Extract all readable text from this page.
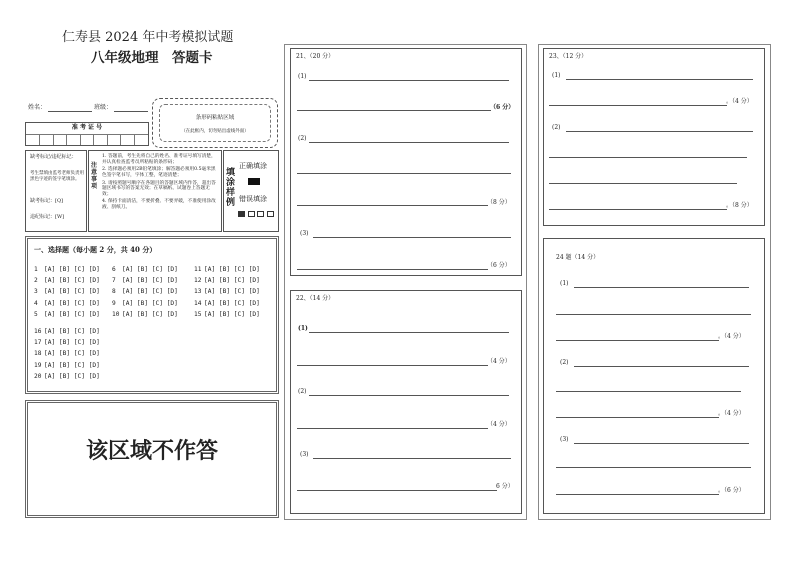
仁寿县 2024 年中考模拟试题
八年级地理　答题卡
姓名：	班级：
准 考 证 号
条形码粘贴区域
（在此框内，切勿贴出虚线外面）
缺考标记/违纪标记：
考生禁填由监考老师负责用黑色字迹的签字笔填涂。
缺考标记：[Q]
违纪标记：[W]
注意事项
1. 答题前，考生先将自己的姓名、准考证号填写清楚，并认真检查监考员所粘贴的条形码；
2. 选择题必须用2B铅笔填涂；解答题必须用0.5毫米黑色签字笔书写，字体工整，笔迹清楚；
3. 请按照题号顺序在各题目的答题区域内作答，超出答题区域书写的答案无效；在草稿纸、试题卷上答题无效；
4. 保持卡面清洁，不要折叠、不要弄破，不准使用涂改液、刮纸刀。
填涂样例
正确填涂
错误填涂

一、选择题（每小题 2 分，共 40 分）
1 [A] [B] [C] [D]
2 [A] [B] [C] [D]
3 [A] [B] [C] [D]
4 [A] [B] [C] [D]
5 [A] [B] [C] [D]
6 [A] [B] [C] [D]
7 [A] [B] [C] [D]
8 [A] [B] [C] [D]
9 [A] [B] [C] [D]
10 [A] [B] [C] [D]
11 [A] [B] [C] [D]
12 [A] [B] [C] [D]
13 [A] [B] [C] [D]
14 [A] [B] [C] [D]
15 [A] [B] [C] [D]
16 [A] [B] [C] [D]
17 [A] [B] [C] [D]
18 [A] [B] [C] [D]
19 [A] [B] [C] [D]
20 [A] [B] [C] [D]
该区域不作答
21、（20 分）
(1)
（6 分）
(2)
（8 分）
(3)
（6 分）
22、（14 分）
(1)
（4 分）
(2)
（4 分）
(3)
6 分）
23、（12 分）
(1)
。（4 分）
(2)
。（8 分）
24 题（14 分）
(1)
。（4 分）
(2)
。（4 分）
(3)
。（6 分）
